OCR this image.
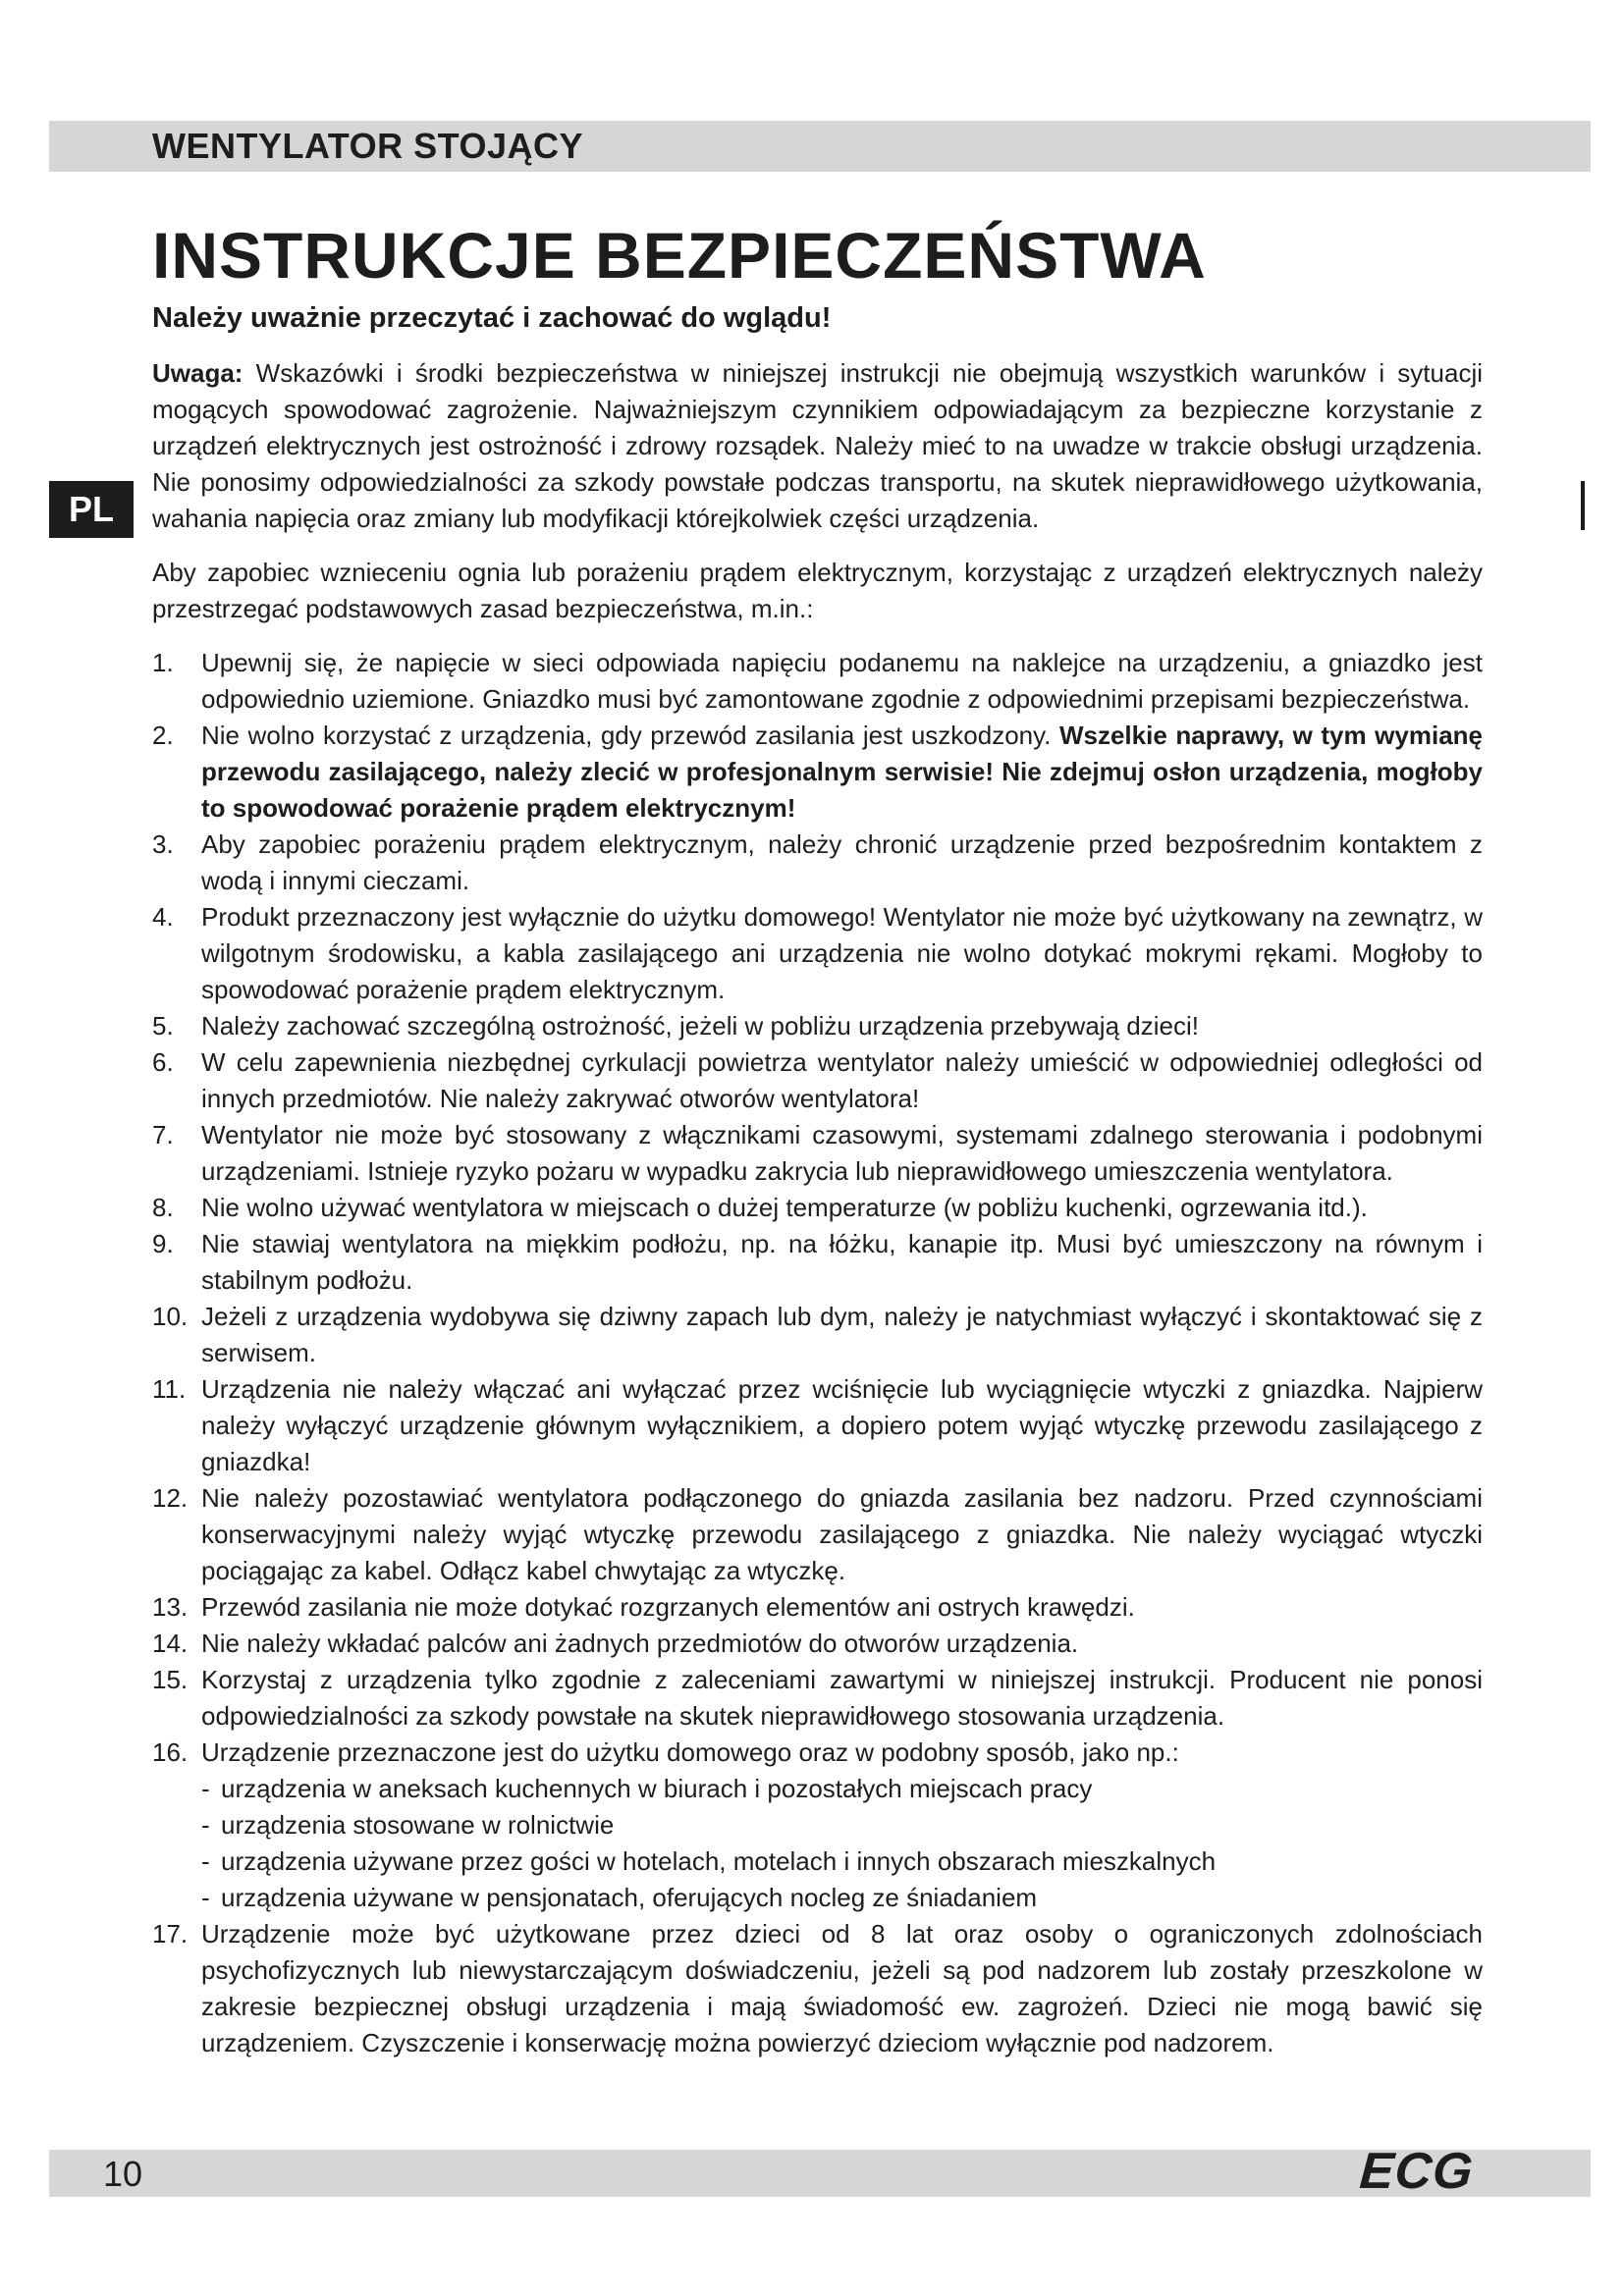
WENTYLATOR STOJĄCY
INSTRUKCJE BEZPIECZEŃSTWA

Należy uważnie przeczytać i zachować do wglądu!

PL

Uwaga: Wskazówki i środki bezpieczeństwa w niniejszej instrukcji nie obejmują wszystkich warunków i sytuacji mogących spowodować zagrożenie. Najważniejszym czynnikiem odpowiadającym za bezpieczne korzystanie z urządzeń elektrycznych jest ostrożność i zdrowy rozsądek. Należy mieć to na uwadze w trakcie obsługi urządzenia. Nie ponosimy odpowiedzialności za szkody powstałe podczas transportu, na skutek nieprawidłowego użytkowania, wahania napięcia oraz zmiany lub modyfikacji którejkolwiek części urządzenia.

Aby zapobiec wznieceniu ognia lub porażeniu prądem elektrycznym, korzystając z urządzeń elektrycznych należy przestrzegać podstawowych zasad bezpieczeństwa, m.in.:

1. Upewnij się, że napięcie w sieci odpowiada napięciu podanemu na naklejce na urządzeniu, a gniazdko jest odpowiednio uziemione. Gniazdko musi być zamontowane zgodnie z odpowiednimi przepisami bezpieczeństwa.
2. Nie wolno korzystać z urządzenia, gdy przewód zasilania jest uszkodzony. Wszelkie naprawy, w tym wymianę przewodu zasilającego, należy zlecić w profesjonalnym serwisie! Nie zdejmuj osłon urządzenia, mogłoby to spowodować porażenie prądem elektrycznym!
3. Aby zapobiec porażeniu prądem elektrycznym, należy chronić urządzenie przed bezpośrednim kontaktem z wodą i innymi cieczami.
4. Produkt przeznaczony jest wyłącznie do użytku domowego! Wentylator nie może być użytkowany na zewnątrz, w wilgotnym środowisku, a kabla zasilającego ani urządzenia nie wolno dotykać mokrymi rękami. Mogłoby to spowodować porażenie prądem elektrycznym.
5. Należy zachować szczególną ostrożność, jeżeli w pobliżu urządzenia przebywają dzieci!
6. W celu zapewnienia niezbędnej cyrkulacji powietrza wentylator należy umieścić w odpowiedniej odległości od innych przedmiotów. Nie należy zakrywać otworów wentylatora!
7. Wentylator nie może być stosowany z włącznikami czasowymi, systemami zdalnego sterowania i podobnymi urządzeniami. Istnieje ryzyko pożaru w wypadku zakrycia lub nieprawidłowego umieszczenia wentylatora.
8. Nie wolno używać wentylatora w miejscach o dużej temperaturze (w pobliżu kuchenki, ogrzewania itd.).
9. Nie stawiaj wentylatora na miękkim podłożu, np. na łóżku, kanapie itp. Musi być umieszczony na równym i stabilnym podłożu.
10. Jeżeli z urządzenia wydobywa się dziwny zapach lub dym, należy je natychmiast wyłączyć i skontaktować się z serwisem.
11. Urządzenia nie należy włączać ani wyłączać przez wciśnięcie lub wyciągnięcie wtyczki z gniazdka. Najpierw należy wyłączyć urządzenie głównym wyłącznikiem, a dopiero potem wyjąć wtyczkę przewodu zasilającego z gniazdka!
12. Nie należy pozostawiać wentylatora podłączonego do gniazda zasilania bez nadzoru. Przed czynnościami konserwacyjnymi należy wyjąć wtyczkę przewodu zasilającego z gniazdka. Nie należy wyciągać wtyczki pociągając za kabel. Odłącz kabel chwytając za wtyczkę.
13. Przewód zasilania nie może dotykać rozgrzanych elementów ani ostrych krawędzi.
14. Nie należy wkładać palców ani żadnych przedmiotów do otworów urządzenia.
15. Korzystaj z urządzenia tylko zgodnie z zaleceniami zawartymi w niniejszej instrukcji. Producent nie ponosi odpowiedzialności za szkody powstałe na skutek nieprawidłowego stosowania urządzenia.
16. Urządzenie przeznaczone jest do użytku domowego oraz w podobny sposób, jako np.:
- urządzenia w aneksach kuchennych w biurach i pozostałych miejscach pracy
- urządzenia stosowane w rolnictwie
- urządzenia używane przez gości w hotelach, motelach i innych obszarach mieszkalnych
- urządzenia używane w pensjonatach, oferujących nocleg ze śniadaniem
17. Urządzenie może być użytkowane przez dzieci od 8 lat oraz osoby o ograniczonych zdolnościach psychofizycznych lub niewystarczającym doświadczeniu, jeżeli są pod nadzorem lub zostały przeszkolone w zakresie bezpiecznej obsługi urządzenia i mają świadomość ew. zagrożeń. Dzieci nie mogą bawić się urządzeniem. Czyszczenie i konserwację można powierzyć dzieciom wyłącznie pod nadzorem.
10	ECG
